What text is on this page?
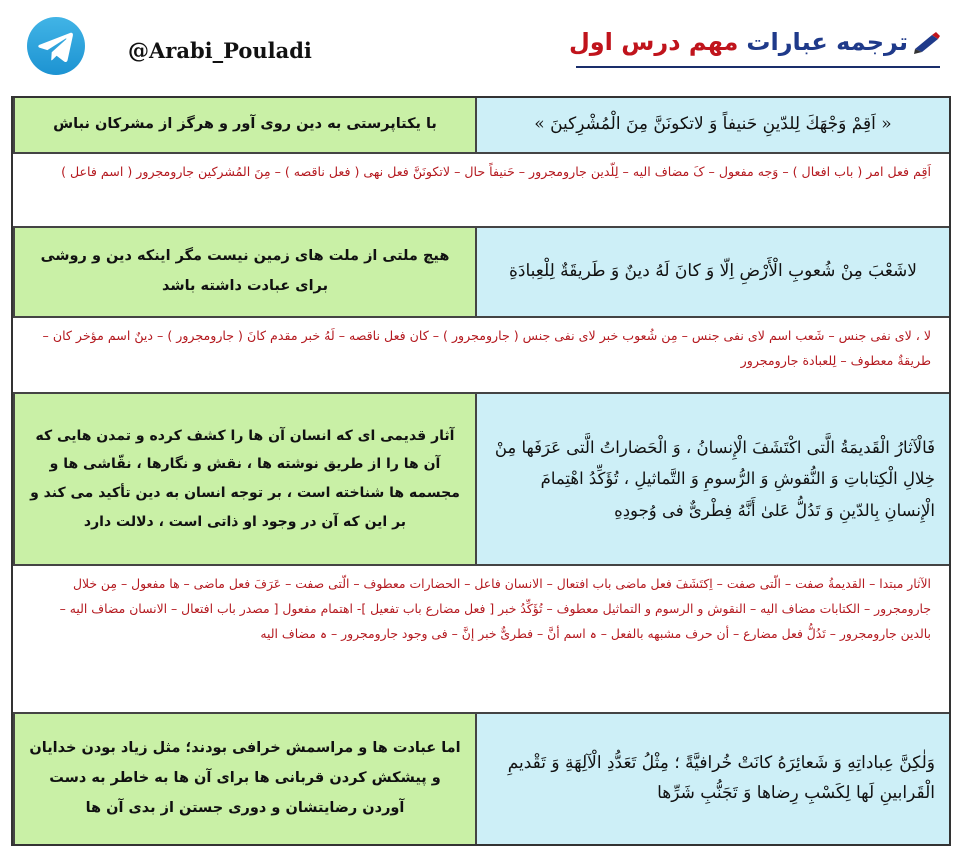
@Arabi_Pouladi	ترجمه عبارات
مهم درس اول
« اَقِمْ وَجْهَكَ لِلدّينِ حَنيفاً وَ لاتكونَنَّ مِنَ الْمُشْرِكينَ »
با یکتاپرستی به دین روی آور و هرگز از مشرکان نباش
اَقِم فعل امر ( باب افعال ) – وَجه مفعول – کَ مضاف الیه – لِلّدین جارومجرور – حَنیفاً حال – لاتکونَنَّ فعل نهی ( فعل ناقصه ) – مِنَ المُشرکین جارومجرور ( اسم فاعل )
لاشَعْبَ مِنْ شُعوبِ الْأَرْضِ اِلّا وَ كانَ لَهُ دينٌ وَ طَريقَةٌ لِلْعِبادَةِ
هیچ ملتی از ملت های زمین نیست مگر اینکه دین و روشی برای عبادت داشته باشد
لا ، لای نفی جنس – شَعب اسم لای نفی جنس – مِن شُعوب خبر لای نفی جنس ( جارومجرور ) – کان فعل ناقصه – لَهُ خبر مقدم کانَ ( جارومجرور ) – دینٌ اسم مؤخر کان – طریقةٌ معطوف – لِلعبادة جارومجرور
فَالْآثارُ الْقَديمَةُ الَّتى اكْتَشَفَ الْإِنسانُ ، وَ الْحَضاراتُ الَّتى عَرَفَها مِنْ خِلالِ الْكِتاباتِ وَ النُّقوشِ وَ الرُّسومِ وَ التَّماثيلِ ، تُؤَكِّدُ اهْتِمامَ الْإِنسانِ بِالدّينِ وَ تَدُلُّ عَلىٰ أَنَّهُ فِطْرىٌّ فى وُجودِهِ
آثار قدیمی ای که انسان آن ها را کشف کرده و تمدن هایی که آن ها را از طریق نوشته ها ، نقش و نگارها ، نقّاشی ها و مجسمه ها شناخته است ، بر توجه انسان به دین تأکید می کند و بر این که آن در وجود او ذاتی است ، دلالت دارد
الآثار مبتدا – القدیمةُ صفت – الّتی صفت – اِکتَشَفَ فعل ماضی باب افتعال – الانسان فاعل – الحضارات معطوف – الّتی صفت – عَرَفَ فعل ماضی – ها مفعول – مِن خلال جارومجرور – الکتابات مضاف الیه – النقوش و الرسوم و التماثیل معطوف – تُؤَکِّدُ خبر [ فعل مضارع باب تفعیل ]- اهتمام مفعول [ مصدر باب افتعال – الانسان مضاف الیه – بالدین جارومجرور – تَدُلُّ فعل مضارع – أن حرف مشبهه بالفعل – ہ اسم أنَّ – فطریٌّ خبر إنَّ – فی وجود جارومجرور – ہ مضاف الیه
وَلٰكِنَّ عِباداتِهِ وَ شَعائِرَهُ كانَتْ خُرافيَّةً ؛ مِثْلُ تَعَدُّدِ الْآلِهَةِ وَ تَقْديمِ الْقَرابينِ لَها لِكَسْبِ رِضاها وَ تَجَنُّبِ شَرِّها
اما عبادت ها و مراسمش خرافی بودند؛ مثل زیاد بودن خدایان و پیشکش کردن قربانی ها برای آن ها به خاطر به دست آوردن رضایتشان و دوری جستن از بدی آن ها
